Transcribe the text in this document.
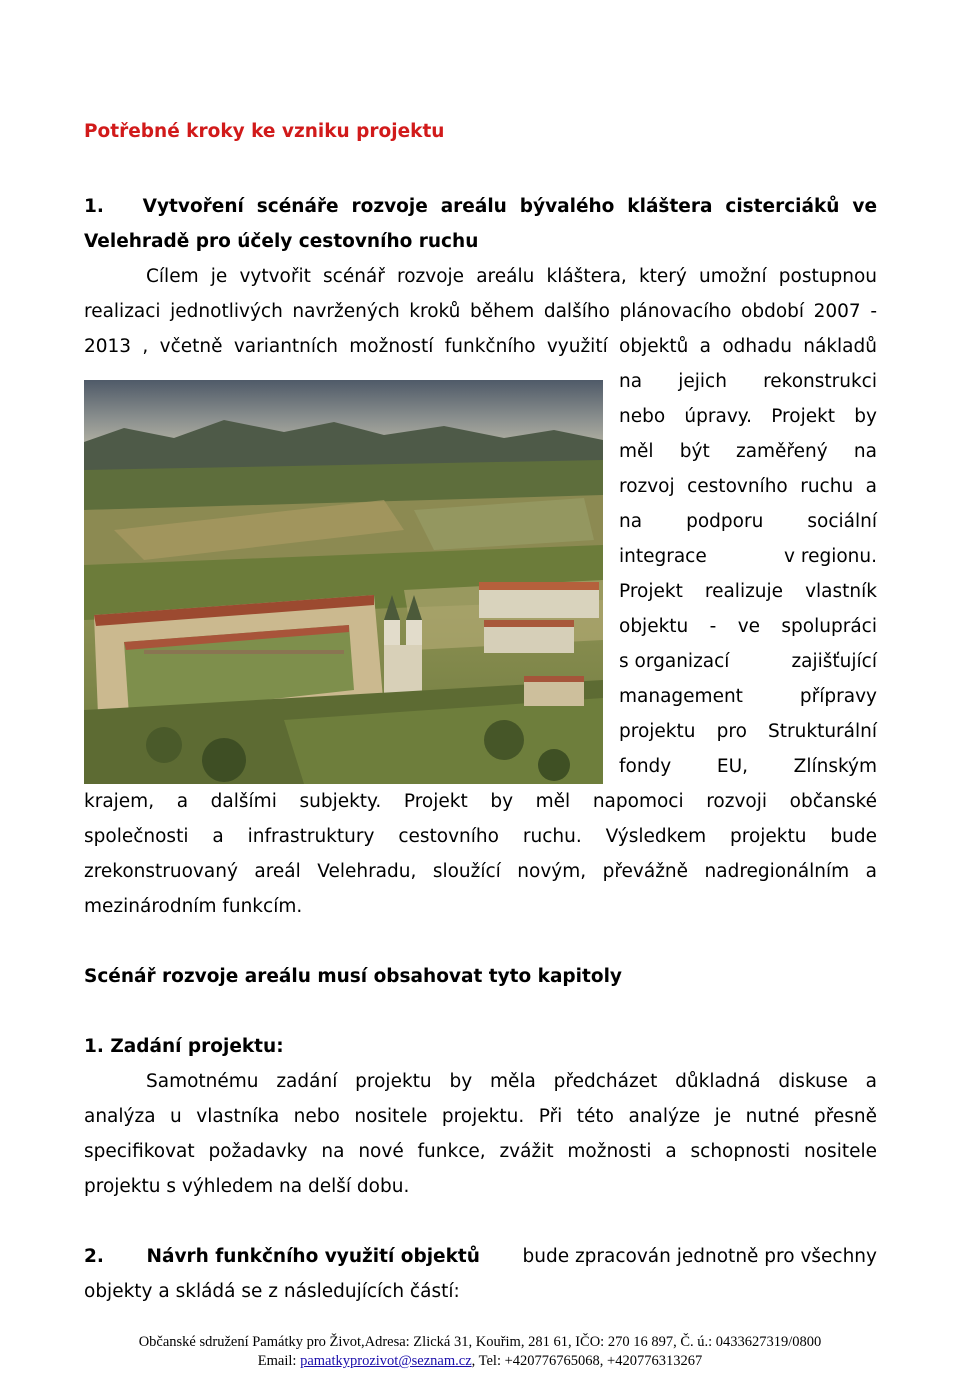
Potřebné kroky ke vzniku projektu
1.   Vytvoření scénáře rozvoje areálu bývalého kláštera cisterciáků ve
Velehradě pro účely cestovního ruchu
Cílem je vytvořit scénář rozvoje areálu kláštera, který umožní postupnou
realizaci jednotlivých navržených kroků během dalšího plánovacího období 2007 -
2013 , včetně variantních možností funkčního využití objektů a odhadu nákladů
na jejich rekonstrukci
nebo úpravy. Projekt by
měl být zaměřený na
rozvoj cestovního ruchu a
na podporu sociální
integrace	v regionu.
Projekt realizuje vlastník
objektu - ve spolupráci
s organizací	zajišťující
management	přípravy
projektu pro Strukturální
fondy EU, Zlínským
krajem, a dalšími subjekty. Projekt by měl napomoci rozvoji občanské
společnosti a infrastruktury cestovního ruchu. Výsledkem projektu bude
zrekonstruovaný areál Velehradu, sloužící novým, převážně nadregionálním a
mezinárodním funkcím.
Scénář rozvoje areálu musí obsahovat tyto kapitoly
1. Zadání projektu:
Samotnému zadání projektu by měla předcházet důkladná diskuse a
analýza u vlastníka nebo nositele projektu. Při této analýze je nutné přesně
specifikovat požadavky na nové funkce, zvážit možnosti a schopnosti nositele
projektu s výhledem na delší dobu.
2. Návrh funkčního využití objektů bude zpracován jednotně pro všechny
objekty a skládá se z následujících částí:
Občanské sdružení Památky pro Život,Adresa: Zlická 31, Kouřim, 281 61, IČO: 270 16 897, Č. ú.: 0433627319/0800
Email: pamatkyprozivot@seznam.cz, Tel: +420776765068, +420776313267
